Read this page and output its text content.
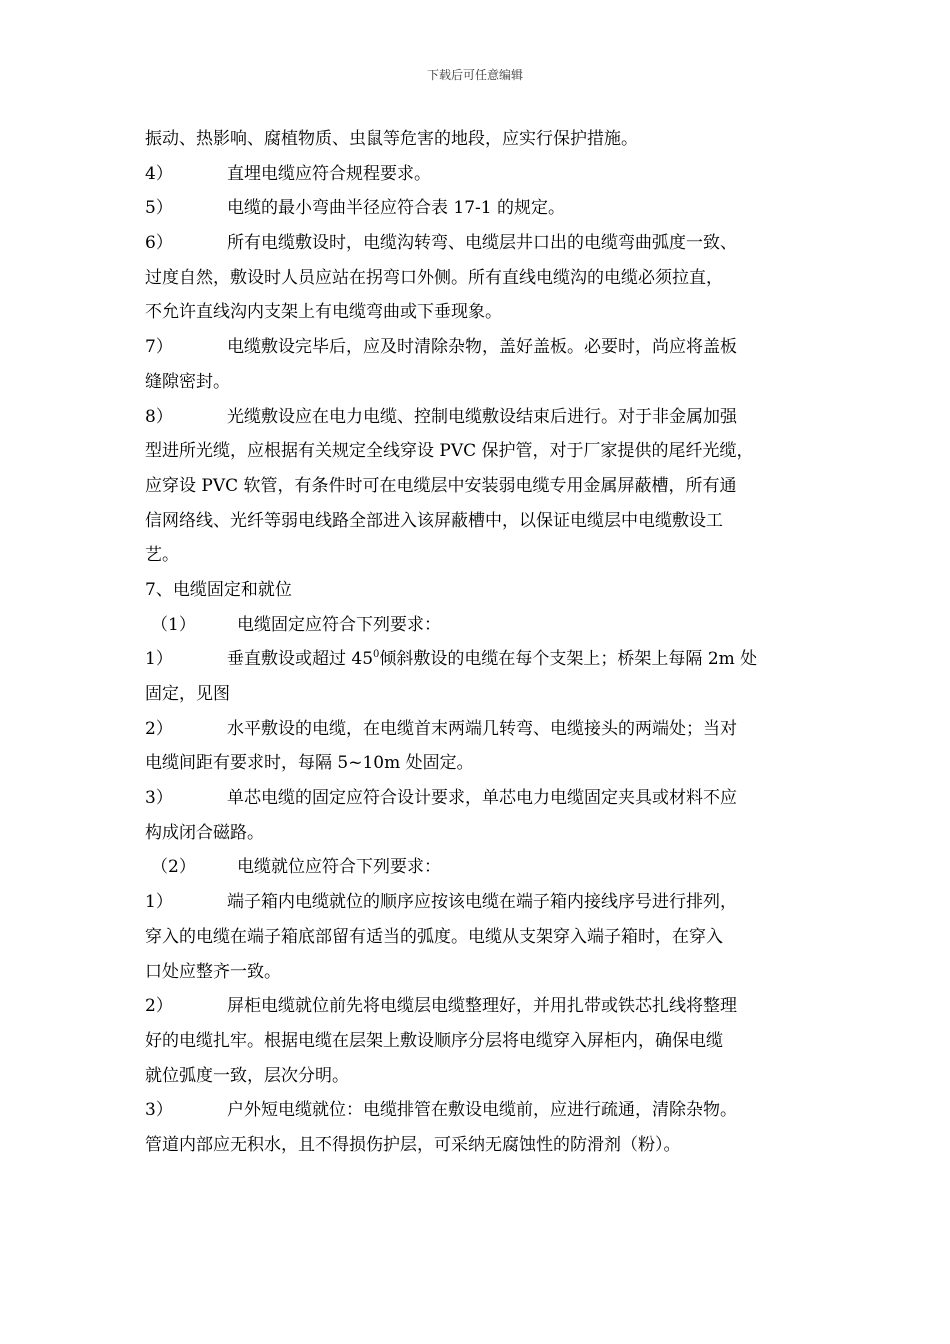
下载后可任意编辑
振动、热影响、腐植物质、虫鼠等危害的地段，应实行保护措施。
4）	直埋电缆应符合规程要求。
5）	电缆的最小弯曲半径应符合表 17-1 的规定。
6）	所有电缆敷设时，电缆沟转弯、电缆层井口出的电缆弯曲弧度一致、
过度自然，敷设时人员应站在拐弯口外侧。所有直线电缆沟的电缆必须拉直，
不允许直线沟内支架上有电缆弯曲或下垂现象。
7）	电缆敷设完毕后，应及时清除杂物，盖好盖板。必要时，尚应将盖板
缝隙密封。
8）	光缆敷设应在电力电缆、控制电缆敷设结束后进行。对于非金属加强
型进所光缆，应根据有关规定全线穿设 PVC 保护管，对于厂家提供的尾纤光缆，
应穿设 PVC 软管，有条件时可在电缆层中安装弱电缆专用金属屏蔽槽，所有通
信网络线、光纤等弱电线路全部进入该屏蔽槽中，以保证电缆层中电缆敷设工
艺。
7、电缆固定和就位
（1） 电缆固定应符合下列要求：
1）	垂直敷设或超过 $45^0$倾斜敷设的电缆在每个支架上；桥架上每隔 2m 处
固定，见图
2）	水平敷设的电缆，在电缆首末两端几转弯、电缆接头的两端处；当对
电缆间距有要求时，每隔 5~10m 处固定。
3）	单芯电缆的固定应符合设计要求，单芯电力电缆固定夹具或材料不应
构成闭合磁路。
（2） 电缆就位应符合下列要求：
1）	端子箱内电缆就位的顺序应按该电缆在端子箱内接线序号进行排列，
穿入的电缆在端子箱底部留有适当的弧度。电缆从支架穿入端子箱时，在穿入
口处应整齐一致。
2）	屏柜电缆就位前先将电缆层电缆整理好，并用扎带或铁芯扎线将整理
好的电缆扎牢。根据电缆在层架上敷设顺序分层将电缆穿入屏柜内，确保电缆
就位弧度一致，层次分明。
3）	户外短电缆就位：电缆排管在敷设电缆前，应进行疏通，清除杂物。
管道内部应无积水，且不得损伤护层，可采纳无腐蚀性的防滑剂（粉）。
